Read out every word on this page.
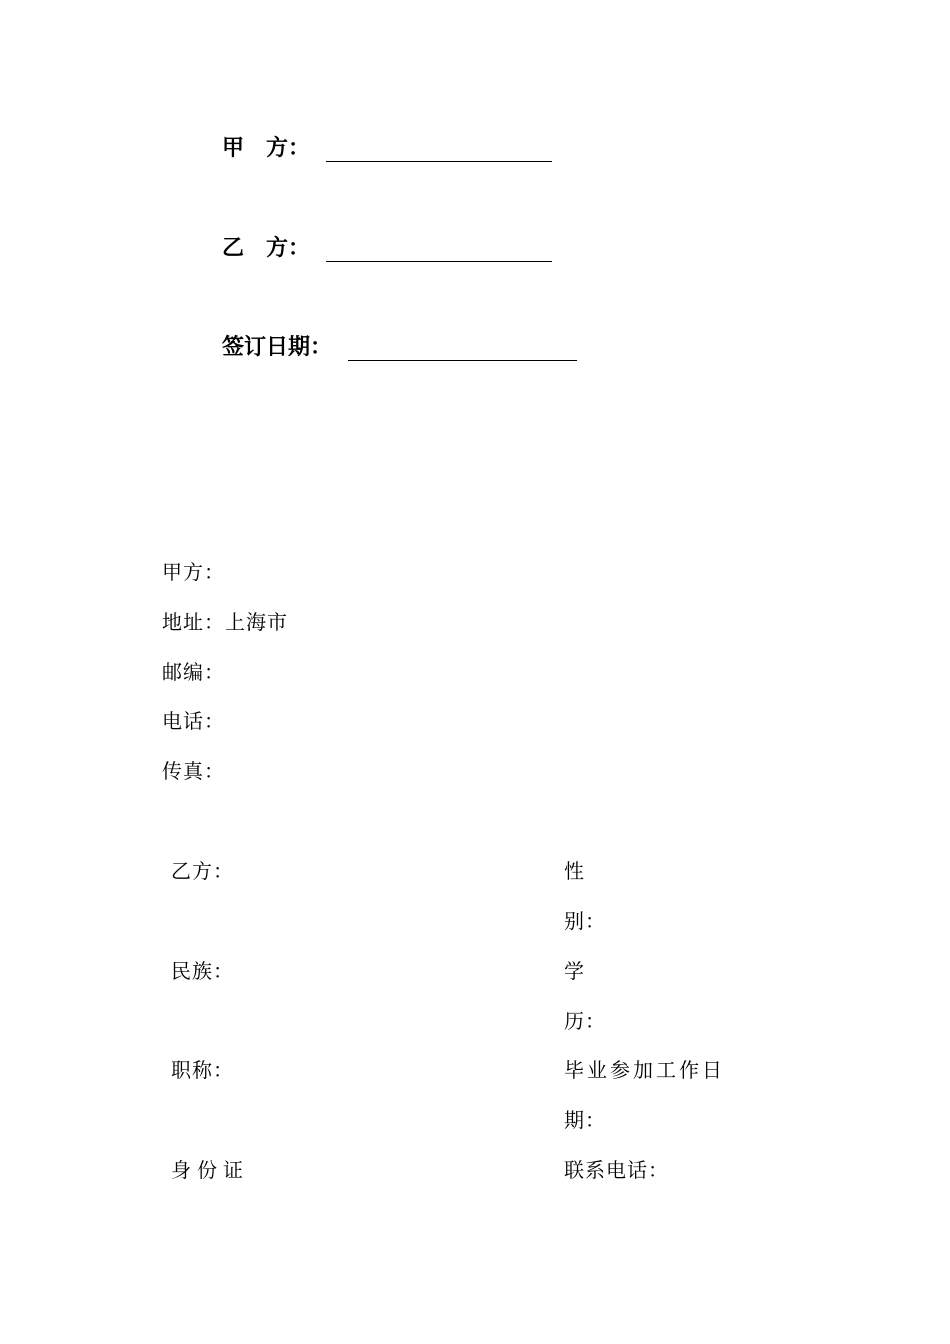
甲　方：
乙　方：
签订日期：
甲方：
地址：上海市
邮编：
电话：
传真：
乙方：
民族：
职称：
身份证
性
别：
学
历：
毕业参加工作日
期：
联系电话：
